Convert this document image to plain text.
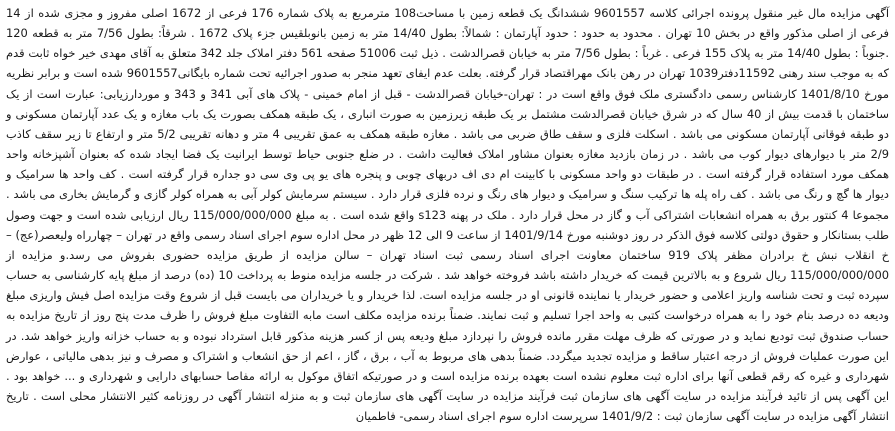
آگهی مزایده مال غیر منقول پرونده اجرائی کلاسه 9601557 ششدانگ یک قطعه زمین با مساحت108 مترمربع به پلاک شماره 176 فرعی از 1672 اصلی مفروز و مجزی شده از 14 فرعی از اصلی مذکور واقع در بخش 10 تهران . محدود به حدود : حدود آپارتمان : شمالاً: بطول 14/40 متر به زمین بانوبلقیس جزء پلاک 1672 . شرقاً: بطول 7/56 متر به قطعه 120 .جنوباً : بطول 14/40 متر به پلاک 155 فرعی . غرباً : بطول 7/56 متر به خیابان قصرالدشت . ذیل ثبت 51006 صفحه 561 دفتر املاک جلد 342 متعلق به آقای مهدی خیر خواه ثابت قدم که به موجب سند رهنی 11592دفتر1039 تهران در رهن بانک مهراقتصاد قرار گرفته. بعلت عدم ایفای تعهد منجر به صدور اجرائیه تحت شماره بایگانی9601557 شده است و برابر نظریه مورخ 1401/8/10 کارشناس رسمی دادگستری ملک فوق واقع است در : تهران-خیابان قصرالدشت - قبل از امام خمینی - پلاک های آبی 341 و 343 و موردارزیابی: عبارت است از یک ساختمان با قدمت بیش از 40 سال که در شرق خیابان قصرالدشت مشتمل بر یک طبقه زیرزمین به صورت انباری ، یک طبقه همکف بصورت یک باب مغازه و یک عدد آپارتمان مسکونی و دو طبقه فوقانی آپارتمان مسکونی می باشد . اسکلت فلزی و سقف طاق ضربی می باشد . مغازه طبقه همکف به عمق تقریبی 4 متر و دهانه تقریبی 5/2 متر و ارتفاع تا زیر سقف کاذب 2/9 متر با دیوارهای دیوار کوب می باشد . در زمان بازدید مغازه بعنوان مشاور املاک فعالیت داشت . در ضلع جنوبی حیاط توسط ایرانیت یک فضا ایجاد شده که بعنوان آشپزخانه واحد همکف مورد استفاده قرار گرفته است . در طبقات دو واحد مسکونی با کابینت ام دی اف دربهای چوبی و پنجره های یو پی وی سی دو جداره قرار گرفته است . کف واحد ها سرامیک و دیوار ها گچ و رنگ می باشد . کف راه پله ها ترکیب سنگ و سرامیک و دیوار های رنگ و نرده فلزی قرار دارد . سیستم سرمایش کولر آبی به همراه کولر گازی و گرمایش بخاری می باشد . مجموعا 4 کنتور برق به همراه انشعابات اشتراکی آب و گاز در محل قرار دارد . ملک در پهنه s123 واقع شده است . به مبلغ 115/000/000/000 ریال ارزیابی شده است و جهت وصول طلب بستانکار و حقوق دولتی کلاسه فوق الذکر در روز دوشنبه مورخ 1401/9/14 از ساعت 9 الی 12 ظهر در محل اداره سوم اجرای اسناد رسمی واقع در تهران – چهارراه ولیعصر(عج) –خ انقلاب نبش خ برادران مظفر پلاک 919 ساختمان معاونت اجرای اسناد رسمی ثبت اسناد تهران – سالن مزایده از طریق مزایده حضوری بفروش می رسد.و مزایده از 115/000/000/000 ریال شروع و به بالاترین قیمت که خریدار داشته باشد فروخته خواهد شد . شرکت در جلسه مزایده منوط به پرداخت 10 (ده) درصد از مبلغ پایه کارشناسی به حساب سپرده ثبت و تحت شناسه واریز اعلامی و حضور خریدار یا نماینده قانونی او در جلسه مزایده است. لذا خریدار و یا خریداران می بایست قبل از شروع وقت مزایده اصل فیش واریزی مبلغ ودیعه ده درصد بنام خود را به همراه درخواست کتبی به واحد اجرا تسلیم و ثبت نمایند. ضمناً برنده مزایده مکلف است مابه التفاوت مبلغ فروش را ظرف مدت پنج روز از تاریخ مزایده به حساب صندوق ثبت تودیع نماید و در صورتی که ظرف مهلت مقرر مانده فروش را نپردازد مبلغ ودیعه پس از کسر هزینه مذکور قابل استرداد نبوده و به حساب خزانه واریز خواهد شد. در این صورت عملیات فروش از درجه اعتبار ساقط و مزایده تجدید میگردد. ضمناً بدهی های مربوط به آب ، برق ، گاز ، اعم از حق انشعاب و اشتراک و مصرف و نیز بدهی مالیاتی ، عوارض شهرداری و غیره که رقم قطعی آنها برای اداره ثبت معلوم نشده است بعهده برنده مزایده است و در صورتیکه اتفاق موکول به ارائه مفاصا حسابهای دارایی و شهرداری و ... خواهد بود . این آگهی پس از تائید فرآیند مزایده در سایت آگهی های سازمان ثبت فرآیند مزایده در سایت آگهی های سازمان ثبت و به منزله انتشار آگهی در روزنامه کثیر الانتشار محلی است . تاریخ انتشار آگهی مزایده در سایت آگهی سازمان ثبت : 1401/9/2 سرپرست اداره سوم اجرای اسناد رسمی- فاطمیان
